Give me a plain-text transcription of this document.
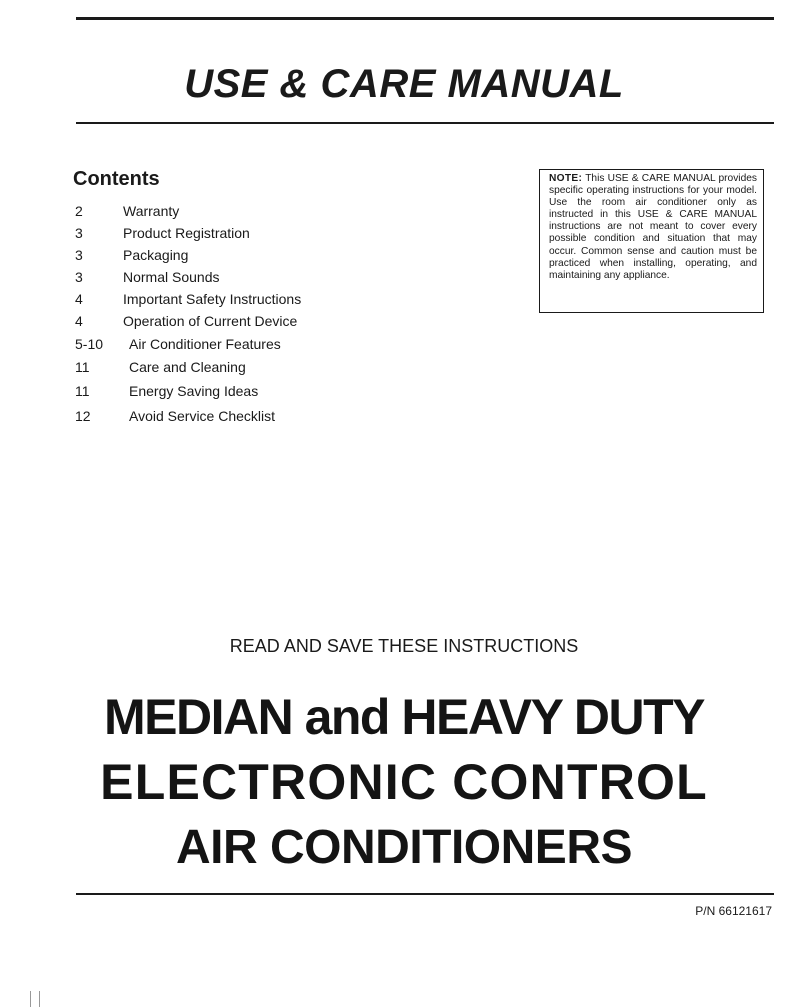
USE & CARE MANUAL
Contents
2	Warranty
3	Product Registration
3	Packaging
3	Normal Sounds
4	Important Safety Instructions
4	Operation of Current Device
5-10 Air Conditioner Features
11	Care and Cleaning
11	Energy Saving Ideas
12	Avoid Service Checklist
NOTE: This USE & CARE MANUAL provides specific operating instructions for your model. Use the room air conditioner only as instructed in this USE & CARE MANUAL instructions are not meant to cover every possible condition and situation that may occur. Common sense and caution must be practiced when installing, operating, and maintaining any appliance.

READ AND SAVE THESE INSTRUCTIONS

MEDIAN and HEAVY DUTY
ELECTRONIC CONTROL
AIR CONDITIONERS

P/N 66121617
